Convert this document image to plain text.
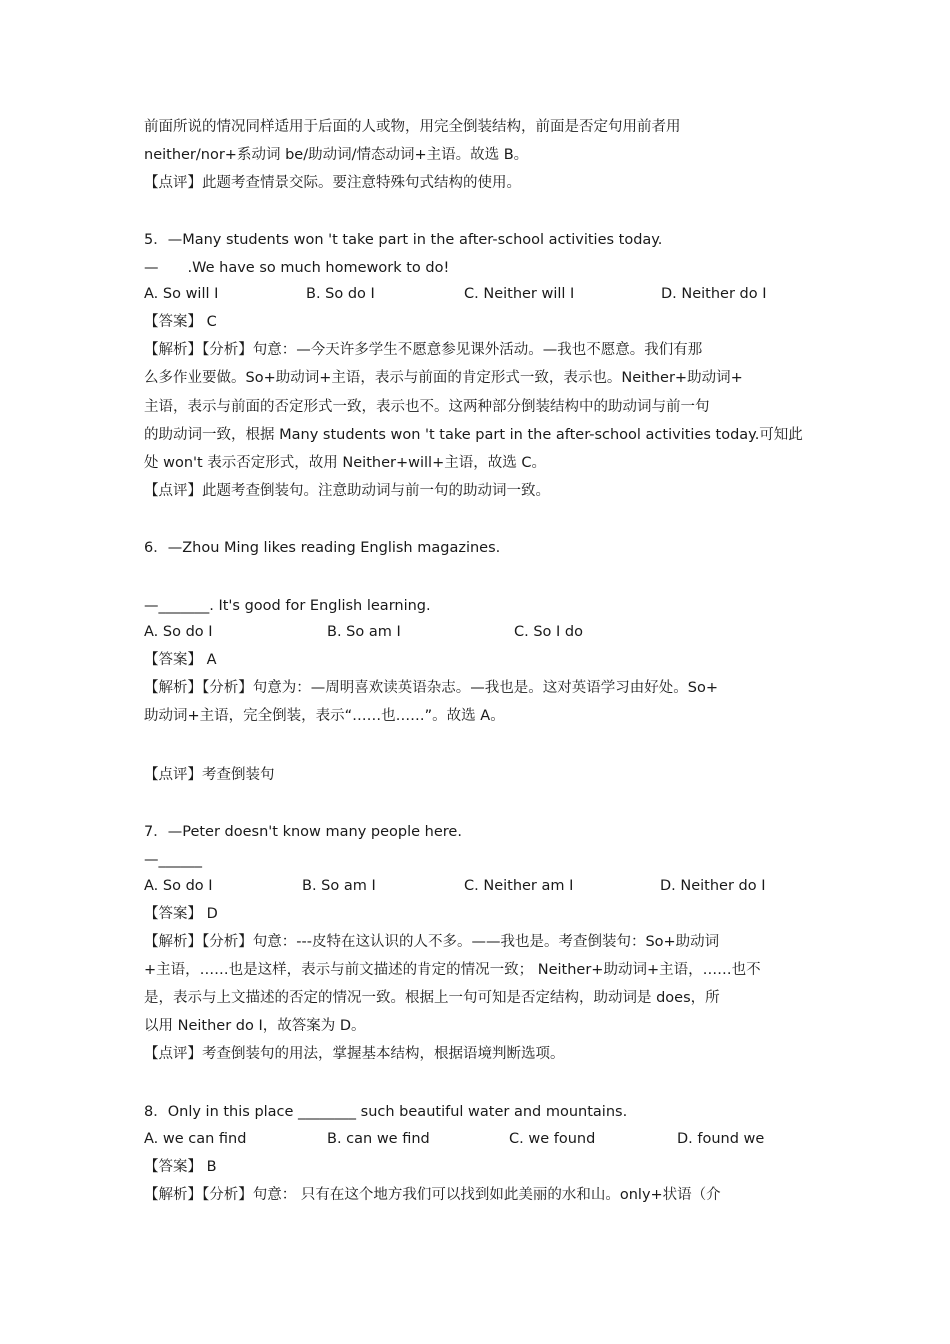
前面所说的情况同样适用于后面的人或物，用完全倒装结构，前面是否定句用前者用
neither/nor+系动词 be/助动词/情态动词+主语。故选 B。
【点评】此题考查情景交际。要注意特殊句式结构的使用。
5．—Many students won 't take part in the after-school activities today.
—　　.We have so much homework to do!
A. So will I	B. So do I	C. Neither will I	D. Neither do I
【答案】 C
【解析】【分析】句意：—今天许多学生不愿意参见课外活动。—我也不愿意。我们有那
么多作业要做。So+助动词+主语，表示与前面的肯定形式一致，表示也。Neither+助动词+
主语，表示与前面的否定形式一致，表示也不。这两种部分倒装结构中的助动词与前一句
的助动词一致，根据 Many students won 't take part in the after-school activities today.可知此
处 won't 表示否定形式，故用 Neither+will+主语，故选 C。
【点评】此题考查倒装句。注意助动词与前一句的助动词一致。
6．—Zhou Ming likes reading English magazines.
—_______. It's good for English learning.
A. So do I	B. So am I	C. So I do
【答案】 A
【解析】【分析】句意为：—周明喜欢读英语杂志。—我也是。这对英语学习由好处。So+
助动词+主语，完全倒装，表示“……也……”。故选 A。
【点评】考查倒装句
7．—Peter doesn't know many people here.
—______
A. So do I	B. So am I	C. Neither am I	D. Neither do I
【答案】 D
【解析】【分析】句意：---皮特在这认识的人不多。——我也是。考查倒装句：So+助动词
+主语，……也是这样，表示与前文描述的肯定的情况一致； Neither+助动词+主语，……也不
是，表示与上文描述的否定的情况一致。根据上一句可知是否定结构，助动词是 does，所
以用 Neither do I，故答案为 D。
【点评】考查倒装句的用法，掌握基本结构，根据语境判断选项。
8．Only in this place ________ such beautiful water and mountains.
A. we can find	B. can we find	C. we found	D. found we
【答案】 B
【解析】【分析】句意： 只有在这个地方我们可以找到如此美丽的水和山。only+状语（介
